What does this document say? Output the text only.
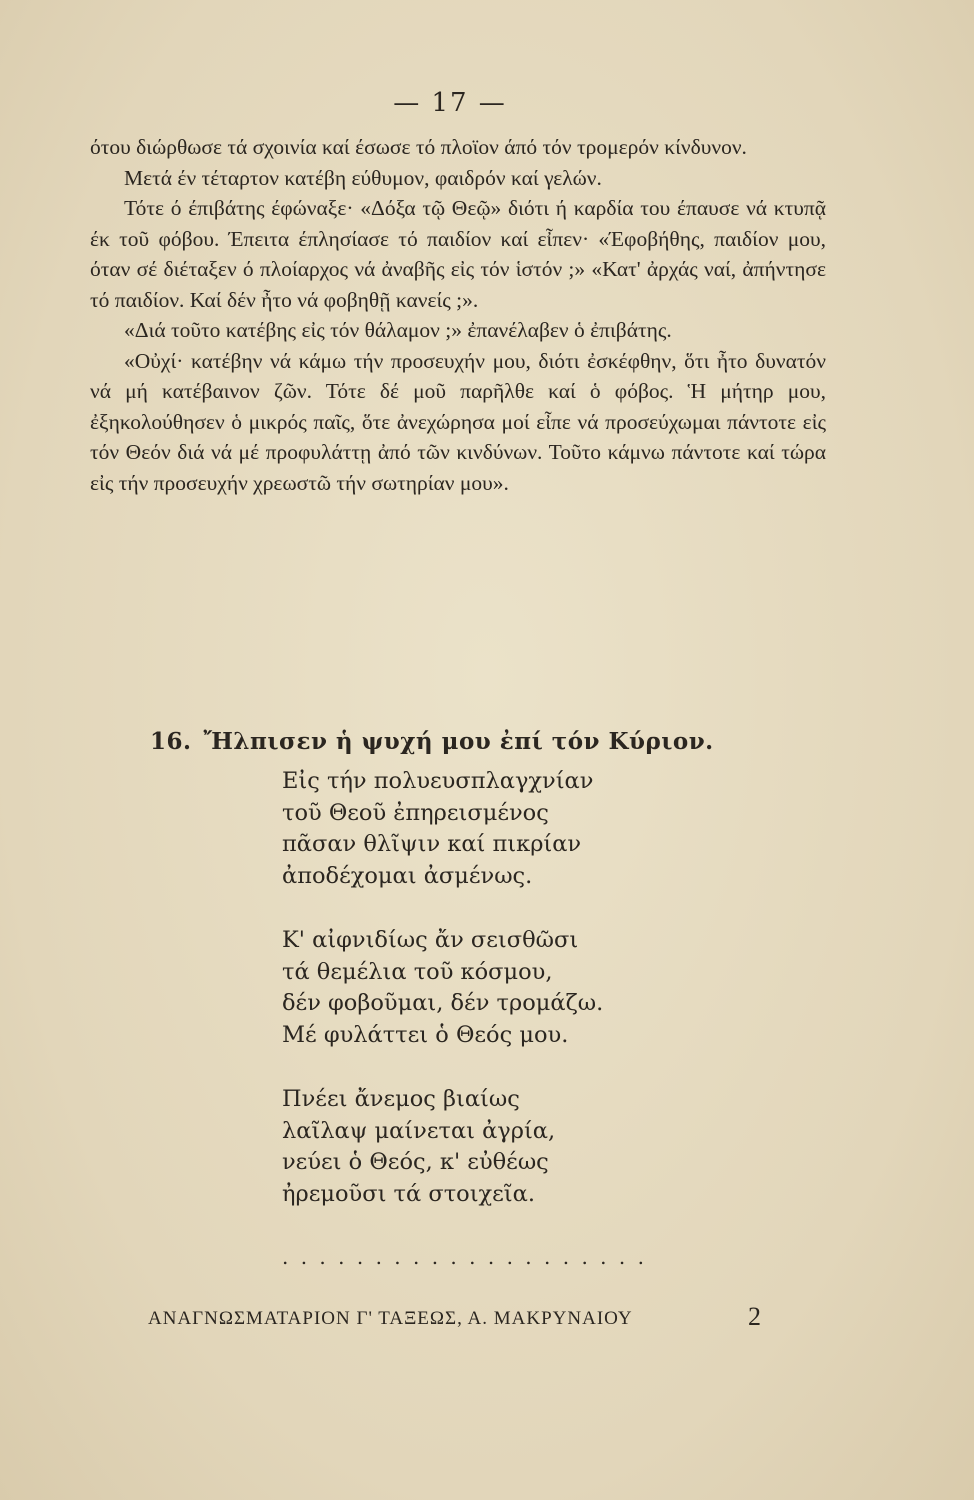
— 17 —

ότου διώρθωσε τά σχοινία καί έσωσε τό πλοϊον άπό τόν τρομερόν κίνδυνον.

Μετά έν τέταρτον κατέβη εύθυμον, φαιδρόν καί γελών.

Τότε ό έπιβάτης έφώναξε· «Δόξα τῷ Θεῷ» διότι ή καρδία του έπαυσε νά κτυπᾷ έκ τοῦ φόβου. Έπειτα έπλησίασε τό παιδίον καί εἶπεν· «Έφοβήθης, παιδίον μου, όταν σέ διέταξεν ό πλοίαρχος νά ἀναβῆς εἰς τόν ἱστόν ;» «Κατ' ἀρχάς ναί, ἀπήντησε τό παιδίον. Καί δέν ἦτο νά φοβηθῇ κανείς ;».

«Διά τοῦτο κατέβης εἰς τόν θάλαμον ;» ἐπανέλαβεν ὁ ἐπιβάτης.

«Οὐχί· κατέβην νά κάμω τήν προσευχήν μου, διότι ἐσκέφθην, ὅτι ἦτο δυνατόν νά μή κατέβαινον ζῶν. Τότε δέ μοῦ παρῆλθε καί ὁ φόβος. Ἡ μήτηρ μου, ἐξηκολούθησεν ὁ μικρός παῖς, ὅτε ἀνεχώρησα μοί εἶπε νά προσεύχωμαι πάντοτε εἰς τόν Θεόν διά νά μέ προφυλάττῃ ἀπό τῶν κινδύνων. Τοῦτο κάμνω πάντοτε καί τώρα εἰς τήν προσευχήν χρεωστῶ τήν σωτηρίαν μου».

16. Ἤλπισεν ἡ ψυχή μου ἐπί τόν Κύριον.
Εἰς τήν πολυευσπλαγχνίαν
τοῦ Θεοῦ ἐπηρεισμένος
πᾶσαν θλῖψιν καί πικρίαν
ἀποδέχομαι ἀσμένως.
Κ' αἰφνιδίως ἄν σεισθῶσι
τά θεμέλια τοῦ κόσμου,
δέν φοβοῦμαι, δέν τρομάζω.
Μέ φυλάττει ὁ Θεός μου.
Πνέει ἄνεμος βιαίως
λαῖλαψ μαίνεται ἀγρία,
νεύει ὁ Θεός, κ' εὐθέως
ἠρεμοῦσι τά στοιχεῖα.
. . . . . . . . . . . . . . . . . . . .
ΑΝΑΓΝΩΣΜΑΤΑΡΙΟΝ Γ' ΤΑΞΕΩΣ, Α. ΜΑΚΡΥΝΑΙΟΥ	2
